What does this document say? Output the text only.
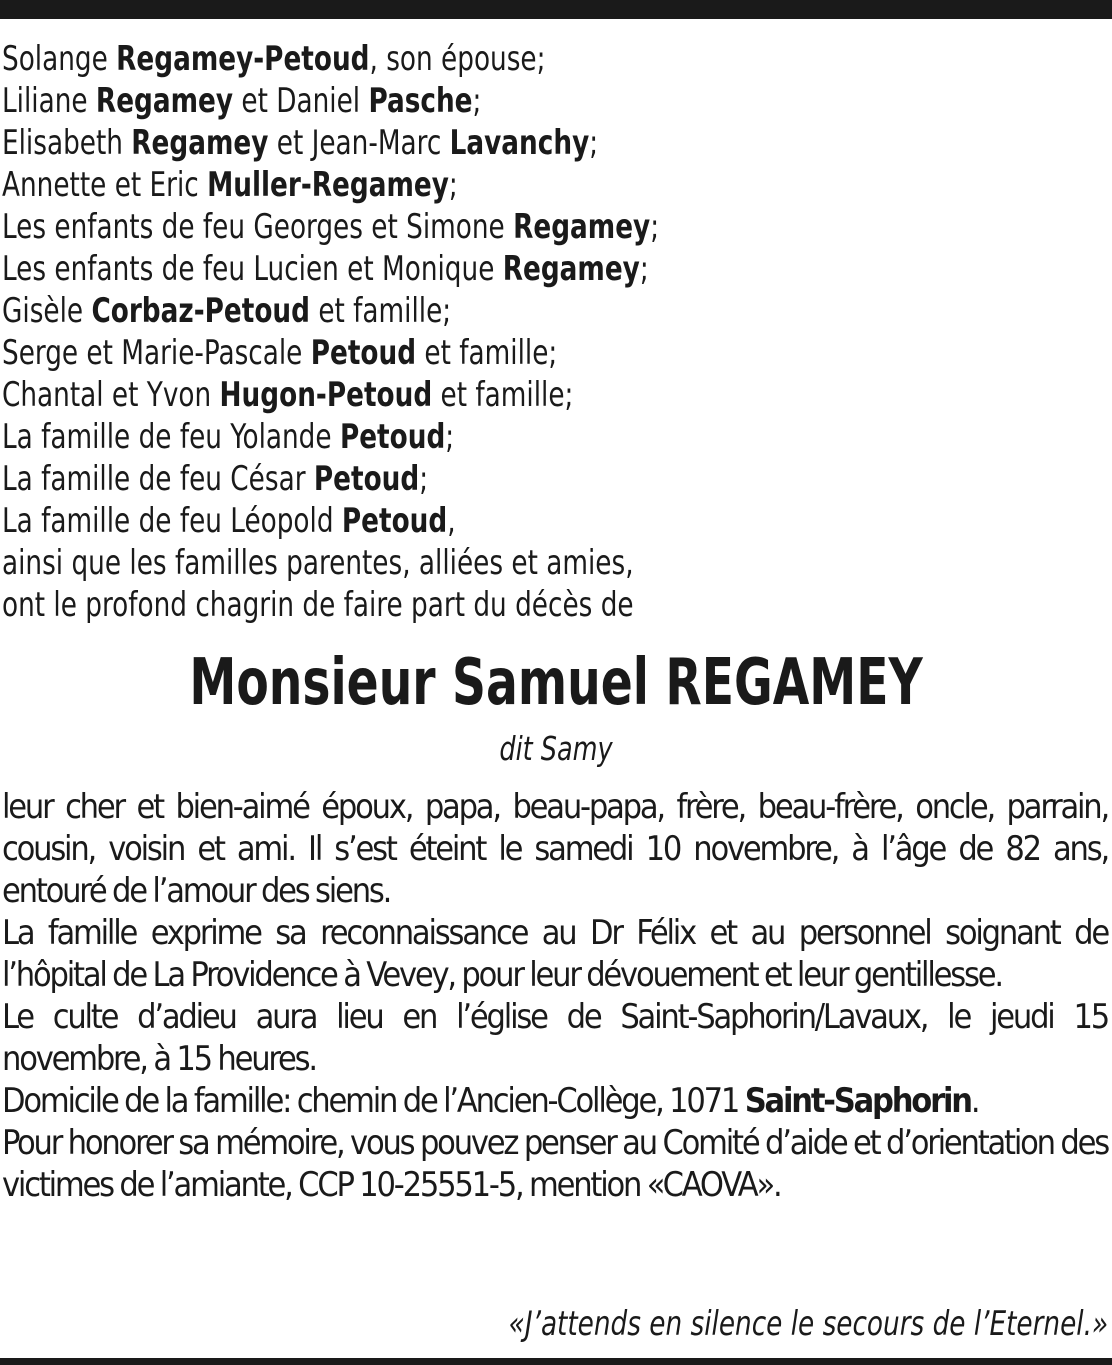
Solange Regamey-Petoud, son épouse;
Liliane Regamey et Daniel Pasche;
Elisabeth Regamey et Jean-Marc Lavanchy;
Annette et Eric Muller-Regamey;
Les enfants de feu Georges et Simone Regamey;
Les enfants de feu Lucien et Monique Regamey;
Gisèle Corbaz-Petoud et famille;
Serge et Marie-Pascale Petoud et famille;
Chantal et Yvon Hugon-Petoud et famille;
La famille de feu Yolande Petoud;
La famille de feu César Petoud;
La famille de feu Léopold Petoud,
ainsi que les familles parentes, alliées et amies,
ont le profond chagrin de faire part du décès de
Monsieur Samuel REGAMEY
dit Samy

leur cher et bien-aimé époux, papa, beau-papa, frère, beau-frère, oncle, parrain, cousin, voisin et ami. Il s’est éteint le samedi 10 novembre, à l’âge de 82 ans, entouré de l’amour des siens.

La famille exprime sa reconnaissance au Dr Félix et au personnel soignant de l’hôpital de La Providence à Vevey, pour leur dévouement et leur gentillesse.

Le culte d’adieu aura lieu en l’église de Saint-Saphorin/Lavaux, le jeudi 15 novembre, à 15 heures.

Domicile de la famille: chemin de l’Ancien-Collège, 1071 Saint-Saphorin.

Pour honorer sa mémoire, vous pouvez penser au Comité d’aide et d’orientation des victimes de l’amiante, CCP 10-25551-5, mention «CAOVA».

«J’attends en silence le secours de l’Eternel.»
